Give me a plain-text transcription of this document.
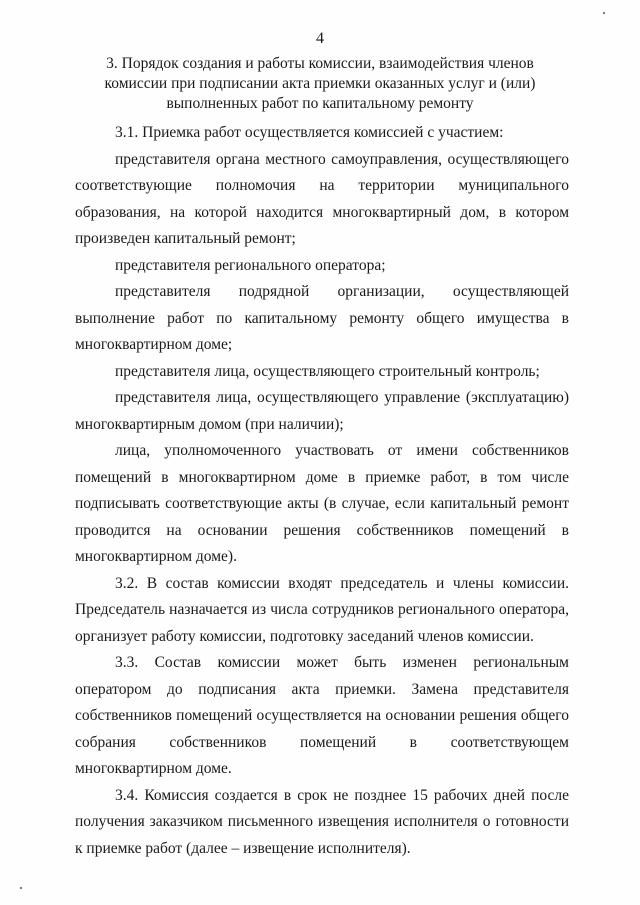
4
3. Порядок создания и работы комиссии, взаимодействия членов
комиссии при подписании акта приемки оказанных услуг и (или)
выполненных работ по капитальному ремонту

3.1. Приемка работ осуществляется комиссией с участием:

представителя органа местного самоуправления, осуществляющего соответствующие полномочия на территории муниципального образования, на которой находится многоквартирный дом, в котором произведен капитальный ремонт;

представителя регионального оператора;

представителя подрядной организации, осуществляющей выполнение работ по капитальному ремонту общего имущества в многоквартирном доме;

представителя лица, осуществляющего строительный контроль;

представителя лица, осуществляющего управление (эксплуатацию) многоквартирным домом (при наличии);

лица, уполномоченного участвовать от имени собственников помещений в многоквартирном доме в приемке работ, в том числе подписывать соответствующие акты (в случае, если капитальный ремонт проводится на основании решения собственников помещений в многоквартирном доме).

3.2. В состав комиссии входят председатель и члены комиссии. Председатель назначается из числа сотрудников регионального оператора, организует работу комиссии, подготовку заседаний членов комиссии.

3.3. Состав комиссии может быть изменен региональным оператором до подписания акта приемки. Замена представителя собственников помещений осуществляется на основании решения общего собрания собственников помещений в соответствующем многоквартирном доме.

3.4. Комиссия создается в срок не позднее 15 рабочих дней после получения заказчиком письменного извещения исполнителя о готовности к приемке работ (далее – извещение исполнителя).
